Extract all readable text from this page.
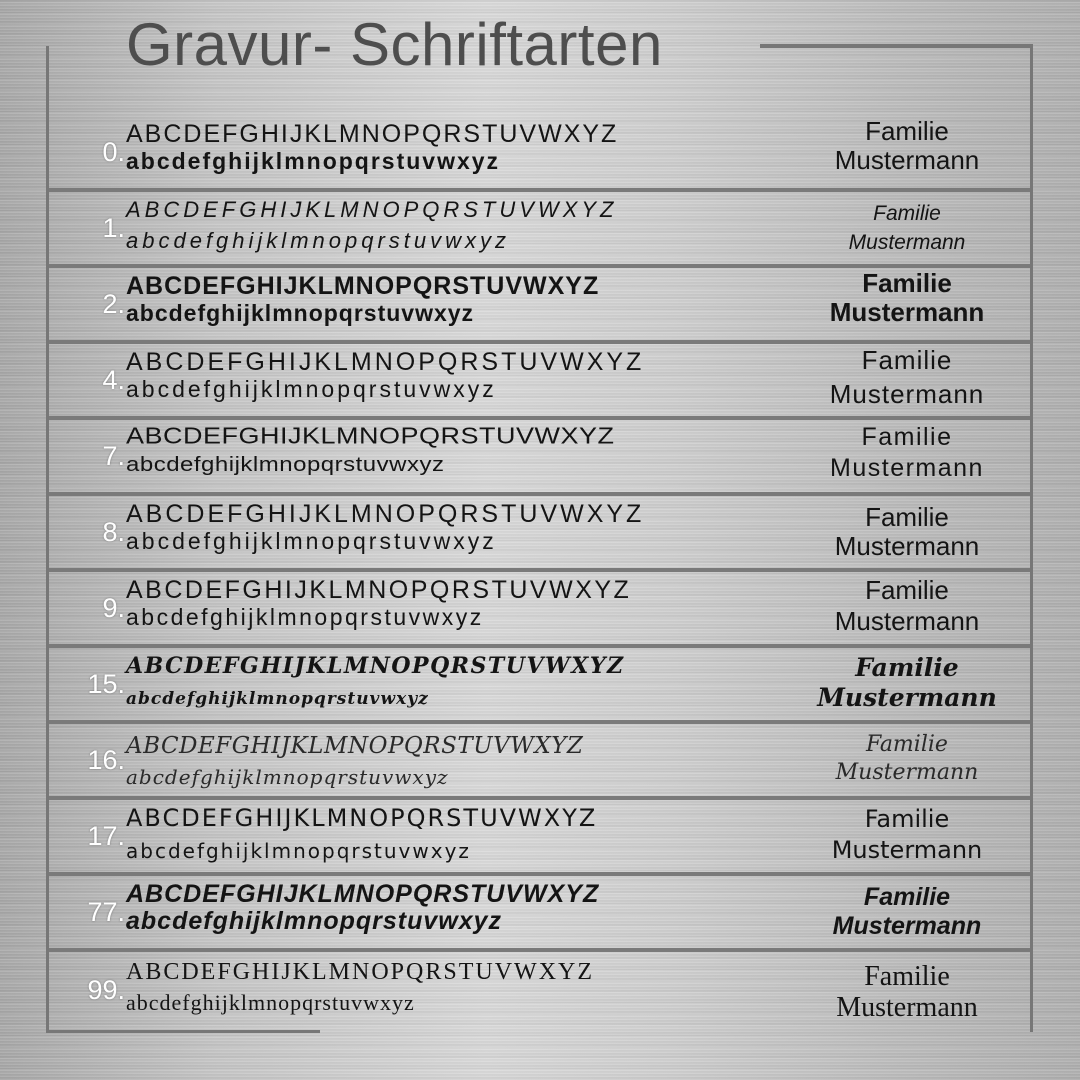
Gravur- Schriftarten
0.
ABCDEFGHIJKLMNOPQRSTUVWXYZ
abcdefghijklmnopqrstuvwxyz
Familie
Mustermann
1.
ABCDEFGHIJKLMNOPQRSTUVWXYZ
abcdefghijklmnopqrstuvwxyz
Familie
Mustermann
2.
ABCDEFGHIJKLMNOPQRSTUVWXYZ
abcdefghijklmnopqrstuvwxyz
Familie
Mustermann
4.
ABCDEFGHIJKLMNOPQRSTUVWXYZ
abcdefghijklmnopqrstuvwxyz
Familie
Mustermann
7.
ABCDEFGHIJKLMNOPQRSTUVWXYZ
abcdefghijklmnopqrstuvwxyz
Familie
Mustermann
8.
ABCDEFGHIJKLMNOPQRSTUVWXYZ
abcdefghijklmnopqrstuvwxyz
Familie
Mustermann
9.
ABCDEFGHIJKLMNOPQRSTUVWXYZ
abcdefghijklmnopqrstuvwxyz
Familie
Mustermann
15.
ABCDEFGHIJKLMNOPQRSTUVWXYZ
abcdefghijklmnopqrstuvwxyz
Familie
Mustermann
16. ABCDEFGHIJKLMNOPQRSTUVWXYZ
abcdefghijklmnopqrstuvwxyz
Familie
Mustermann
17.
ABCDEFGHIJKLMNOPQRSTUVWXYZ
abcdefghijklmnopqrstuvwxyz
Familie
Mustermann
77.
ABCDEFGHIJKLMNOPQRSTUVWXYZ
abcdefghijklmnopqrstuvwxyz
Familie
Mustermann
99.
ABCDEFGHIJKLMNOPQRSTUVWXYZ
abcdefghijklmnopqrstuvwxyz
Familie
Mustermann
